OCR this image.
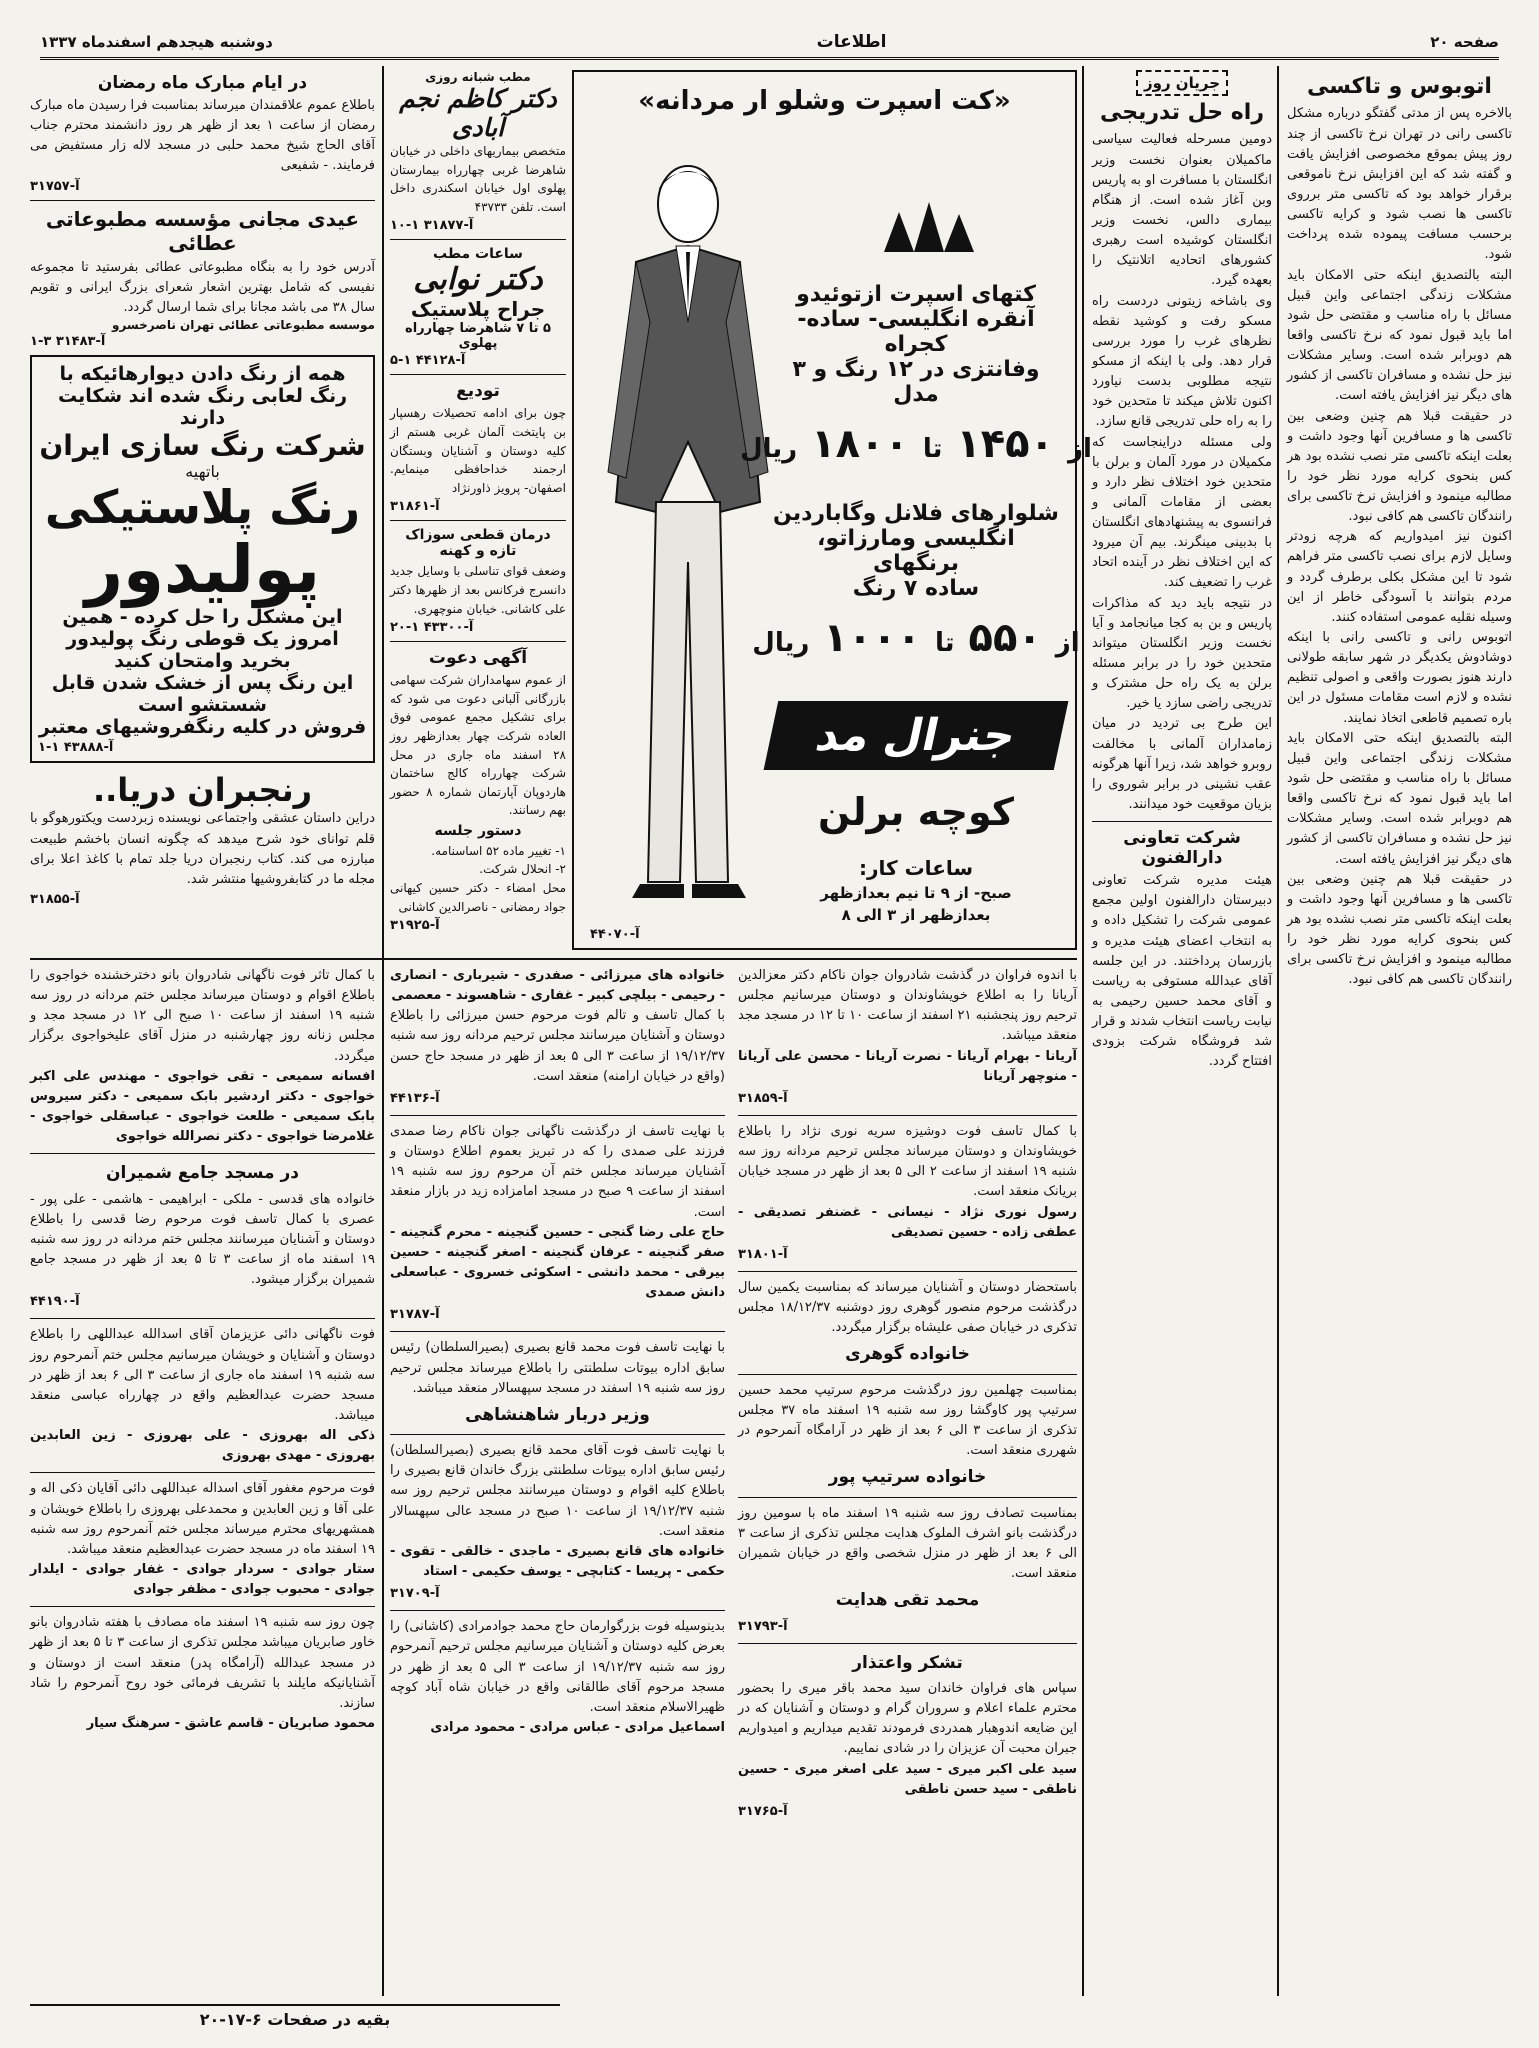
صفحه ۲۰
اطلاعات
دوشنبه هیجدهم اسفندماه ۱۳۳۷
اتوبوس و تاکسی

بالاخره پس از مدتی گفتگو درباره مشکل تاکسی رانی در تهران نرخ تاکسی از چند روز پیش بموقع مخصوصی افزایش یافت و گفته شد که این افزایش نرخ ناموقعی برقرار خواهد بود که تاکسی متر برروی تاکسی ها نصب شود و کرایه تاکسی برحسب مسافت پیموده شده پرداخت شود.

البته بالتصدیق اینکه حتی الامکان باید مشکلات زندگی اجتماعی واین قبیل مسائل با راه مناسب و مقتضی حل شود اما باید قبول نمود که نرخ تاکسی واقعا هم دوبرابر شده است. وسایر مشکلات نیز حل نشده و مسافران تاکسی از کشور های دیگر نیز افزایش یافته است.

در حقیقت قبلا هم چنین وضعی بین تاکسی ها و مسافرین آنها وجود داشت و بعلت اینکه تاکسی متر نصب نشده بود هر کس بنحوی کرایه مورد نظر خود را مطالبه مینمود و افزایش نرخ تاکسی برای رانندگان تاکسی هم کافی نبود.

اکنون نیز امیدواریم که هرچه زودتر وسایل لازم برای نصب تاکسی متر فراهم شود تا این مشکل بکلی برطرف گردد و مردم بتوانند با آسودگی خاطر از این وسیله نقلیه عمومی استفاده کنند.

اتوبوس رانی و تاکسی رانی با اینکه دوشادوش یکدیگر در شهر سابقه طولانی دارند هنوز بصورت واقعی و اصولی تنظیم نشده و لازم است مقامات مسئول در این باره تصمیم قاطعی اتخاذ نمایند.

البته بالتصدیق اینکه حتی الامکان باید مشکلات زندگی اجتماعی واین قبیل مسائل با راه مناسب و مقتضی حل شود اما باید قبول نمود که نرخ تاکسی واقعا هم دوبرابر شده است. وسایر مشکلات نیز حل نشده و مسافران تاکسی از کشور های دیگر نیز افزایش یافته است.

در حقیقت قبلا هم چنین وضعی بین تاکسی ها و مسافرین آنها وجود داشت و بعلت اینکه تاکسی متر نصب نشده بود هر کس بنحوی کرایه مورد نظر خود را مطالبه مینمود و افزایش نرخ تاکسی برای رانندگان تاکسی هم کافی نبود.

جریان روز
راه حل تدریجی

دومین مسرحله فعالیت سیاسی ماکمیلان بعنوان نخست وزیر انگلستان با مسافرت او به پاریس وبن آغاز شده است. از هنگام بیماری دالس، نخست وزیر انگلستان کوشیده است رهبری کشورهای اتحادیه اتلانتیک را بعهده گیرد.

وی باشاخه زیتونی دردست راه مسکو رفت و کوشید نقطه نظرهای غرب را مورد بررسی قرار دهد. ولی با اینکه از مسکو نتیجه مطلوبی بدست نیاورد اکنون تلاش میکند تا متحدین خود را به راه حلی تدریجی قانع سازد.

ولی مسئله دراینجاست که مکمیلان در مورد آلمان و برلن با متحدین خود اختلاف نظر دارد و بعضی از مقامات آلمانی و فرانسوی به پیشنهادهای انگلستان با بدبینی مینگرند. بیم آن میرود که این اختلاف نظر در آینده اتحاد غرب را تضعیف کند.

در نتیجه باید دید که مذاکرات پاریس و بن به کجا میانجامد و آیا نخست وزیر انگلستان میتواند متحدین خود را در برابر مسئله برلن به یک راه حل مشترک و تدریجی راضی سازد یا خیر.

این طرح بی تردید در میان زمامداران آلمانی با مخالفت روبرو خواهد شد، زیرا آنها هرگونه عقب نشینی در برابر شوروی را بزیان موقعیت خود میدانند.

شرکت تعاونی دارالفنون

هیئت مدیره شرکت تعاونی دبیرستان دارالفنون اولین مجمع عمومی شرکت را تشکیل داده و به انتخاب اعضای هیئت مدیره و بازرسان پرداختند. در این جلسه آقای عبدالله مستوفی به ریاست و آقای محمد حسین رحیمی به نیابت ریاست انتخاب شدند و قرار شد فروشگاه شرکت بزودی افتتاح گردد.

«کت اسپرت وشلو ار مردانه»
کتهای اسپرت ازتوئیدو
آنقره انگلیسی- ساده- کجراه
وفانتزی در ۱۲ رنگ و ۳ مدل
از
۱۴۵۰
تا
۱۸۰۰
ریال
شلوارهای فلانل وگاباردین
انگلیسی ومارزاتو، برنگهای
ساده ۷ رنگ
از
۵۵۰
تا
۱۰۰۰
ریال
جنرال مد
کوچه برلن
ساعات کار:
صبح- از ۹ تا نیم بعدازظهر
بعدازظهر از ۳ الی ۸
آ-۴۴۰۷۰
مطب شبانه روزی
دکتر کاظم نجم آبادی

متخصص بیماریهای داخلی در خیابان شاهرضا غربی چهارراه بیمارستان پهلوی اول خیابان اسکندری داخل است. تلفن ۴۳۷۳۳

آ-۳۱۸۷۷ ۱-۱۰
ساعات مطب
دکتر نوابی
جراح پلاستیک
۵ تا ۷ شاهرضا چهارراه پهلوی
آ-۴۴۱۲۸ ۱-۵
تودیع

چون برای ادامه تحصیلات رهسپار بن پایتخت آلمان غربی هستم از کلیه دوستان و آشنایان وبستگان ارجمند خداحافظی مینمایم. اصفهان- پرویز ذاورنژاد

آ-۳۱۸۶۱
درمان قطعی سوزاک تازه و کهنه

وضعف قوای تناسلی با وسایل جدید دانسرج فرکانس بعد از ظهرها دکتر علی کاشانی. خیابان منوچهری.

آ-۴۳۳۰۰ ۱-۲۰
آگهی دعوت

از عموم سهامداران شرکت سهامی بازرگانی آلبانی دعوت می شود که برای تشکیل مجمع عمومی فوق العاده شرکت چهار بعدازظهر روز ۲۸ اسفند ماه جاری در محل شرکت چهارراه کالج ساختمان هاردوپان آپارتمان شماره ۸ حضور بهم رسانند.

دستور جلسه
۱- تغییر ماده ۵۲ اساسنامه.
۲- انحلال شرکت.

محل امضاء - دکتر حسین کیهانی جواد رمضانی - ناصرالدین کاشانی

آ-۳۱۹۲۵
در ایام مبارک ماه رمضان

باطلاع عموم علاقمندان میرساند بمناسبت فرا رسیدن ماه مبارک رمضان از ساعت ۱ بعد از ظهر هر روز دانشمند محترم جناب آقای الحاج شیخ محمد حلبی در مسجد لاله زار مستفیض می فرمایند. - شفیعی

آ-۳۱۷۵۷
عیدی مجانی مؤسسه مطبوعاتی عطائی

آدرس خود را به بنگاه مطبوعاتی عطائی بفرستید تا مجموعه نفیسی که شامل بهترین اشعار شعرای بزرگ ایرانی و تقویم سال ۳۸ می باشد مجانا برای شما ارسال گردد.

موسسه مطبوعاتی عطائی تهران ناصرخسرو
آ-۳۱۴۸۳ ۳-۱
همه از رنگ دادن دیوارهائیکه با
رنگ لعابی رنگ شده اند شکایت
دارند
شرکت رنگ سازی ایران
باتهیه
رنگ پلاستیکی
پولیدور
این مشکل را حل کرده - همین
امروز یک قوطی رنگ پولیدور
بخرید وامتحان کنید
این رنگ پس از خشک شدن قابل
شستشو است
فروش در کلیه رنگفروشیهای معتبر
آ-۴۳۸۸۸ ۱-۱
رنجبران دریا..

دراین داستان عشقی واجتماعی نویسنده زبردست ویکتورهوگو با قلم توانای خود شرح میدهد که چگونه انسان باخشم طبیعت مبارزه می کند. کتاب رنجبران دریا جلد تمام با کاغذ اعلا برای مجله ما در کتابفروشیها منتشر شد.

آ-۳۱۸۵۵

با کمال تاثر فوت ناگهانی شادروان بانو دخترخشنده خواجوی را باطلاع اقوام و دوستان میرساند مجلس ختم مردانه در روز سه شنبه ۱۹ اسفند از ساعت ۱۰ صبح الی ۱۲ در مسجد مجد و مجلس زنانه روز چهارشنبه در منزل آقای علیخواجوی برگزار میگردد.

افسانه سمیعی - تقی خواجوی - مهندس علی اکبر خواجوی - دکتر اردشیر بابک سمیعی - دکتر سیروس بابک سمیعی - طلعت خواجوی - عباسقلی خواجوی - غلامرضا خواجوی - دکتر نصرالله خواجوی

در مسجد جامع شمیران

خانواده های قدسی - ملکی - ابراهیمی - هاشمی - علی پور - عصری با کمال تاسف فوت مرحوم رضا قدسی را باطلاع دوستان و آشنایان میرسانند مجلس ختم مردانه در روز سه شنبه ۱۹ اسفند ماه از ساعت ۳ تا ۵ بعد از ظهر در مسجد جامع شمیران برگزار میشود.

آ-۴۴۱۹۰

فوت ناگهانی دائی عزیزمان آقای اسدالله عبداللهی را باطلاع دوستان و آشنایان و خویشان میرسانیم مجلس ختم آنمرحوم روز سه شنبه ۱۹ اسفند ماه جاری از ساعت ۳ الی ۶ بعد از ظهر در مسجد حضرت عبدالعظیم واقع در چهارراه عباسی منعقد میباشد.

ذکی اله بهروزی - علی بهروزی - زین العابدین بهروزی - مهدی بهروزی

فوت مرحوم مغفور آقای اسداله عبداللهی دائی آقایان ذکی اله و علی آقا و زین العابدین و محمدعلی بهروزی را باطلاع خویشان و همشهریهای محترم میرساند مجلس ختم آنمرحوم روز سه شنبه ۱۹ اسفند ماه در مسجد حضرت عبدالعظیم منعقد میباشد.

ستار جوادی - سردار جوادی - غفار جوادی - ایلدار جوادی - محبوب جوادی - مظفر جوادی

چون روز سه شنبه ۱۹ اسفند ماه مصادف با هفته شادروان بانو خاور صابریان میباشد مجلس تذکری از ساعت ۳ تا ۵ بعد از ظهر در مسجد عبدالله (آرامگاه پدر) منعقد است از دوستان و آشنایانیکه مایلند با تشریف فرمائی خود روح آنمرحوم را شاد سازند.

محمود صابریان - قاسم عاشق - سرهنگ سیار

خانواده های میرزائی - صفدری - شیرباری - انصاری - رحیمی - بیلچی کبیر - غفاری - شاهسوند - معصمی

با کمال تاسف و تالم فوت مرحوم حسن میرزائی را باطلاع دوستان و آشنایان میرسانند مجلس ترحیم مردانه روز سه شنبه ۱۹/۱۲/۳۷ از ساعت ۳ الی ۵ بعد از ظهر در مسجد حاج حسن (واقع در خیابان ارامنه) منعقد است.

آ-۴۴۱۳۶

با نهایت تاسف از درگذشت ناگهانی جوان ناکام رضا صمدی فرزند علی صمدی را که در تبریز بعموم اطلاع دوستان و آشنایان میرساند مجلس ختم آن مرحوم روز سه شنبه ۱۹ اسفند از ساعت ۹ صبح در مسجد امامزاده زید در بازار منعقد است.

حاج علی رضا گنجی - حسین گنجینه - محرم گنجینه - صفر گنجینه - عرفان گنجینه - اصغر گنجینه - حسین بیرقی - محمد دانشی - اسکوئی خسروی - عباسعلی دانش صمدی

آ-۳۱۷۸۷

با نهایت تاسف فوت محمد قانع بصیری (بصیرالسلطان) رئیس سابق اداره بیوتات سلطنتی را باطلاع میرساند مجلس ترحیم روز سه شنبه ۱۹ اسفند در مسجد سپهسالار منعقد میباشد.

وزیر دربار شاهنشاهی

با نهایت تاسف فوت آقای محمد قانع بصیری (بصیرالسلطان) رئیس سابق اداره بیوتات سلطنتی بزرگ خاندان قانع بصیری را باطلاع کلیه اقوام و دوستان میرسانند مجلس ترحیم روز سه شنبه ۱۹/۱۲/۳۷ از ساعت ۱۰ صبح در مسجد عالی سپهسالار منعقد است.

خانواده های قانع بصیری - ماجدی - خالقی - تقوی - حکمی - پریسا - کتابچی - یوسف حکیمی - استاد

آ-۳۱۷۰۹

بدینوسیله فوت بزرگوارمان حاج محمد جوادمرادی (کاشانی) را بعرض کلیه دوستان و آشنایان میرسانیم مجلس ترحیم آنمرحوم روز سه شنبه ۱۹/۱۲/۳۷ از ساعت ۳ الی ۵ بعد از ظهر در مسجد مرحوم آقای طالقانی واقع در خیابان شاه آباد کوچه ظهیرالاسلام منعقد است.

اسماعیل مرادی - عباس مرادی - محمود مرادی

با اندوه فراوان در گذشت شادروان جوان ناکام دکتر معزالدین آریانا را به اطلاع خویشاوندان و دوستان میرسانیم مجلس ترحیم روز پنجشنبه ۲۱ اسفند از ساعت ۱۰ تا ۱۲ در مسجد مجد منعقد میباشد.

آریانا - بهرام آریانا - نصرت آریانا - محسن علی آریانا - منوچهر آریانا

آ-۳۱۸۵۹

با کمال تاسف فوت دوشیزه سریه نوری نژاد را باطلاع خویشاوندان و دوستان میرساند مجلس ترحیم مردانه روز سه شنبه ۱۹ اسفند از ساعت ۲ الی ۵ بعد از ظهر در مسجد خیابان بریانک منعقد است.

رسول نوری نژاد - نیسانی - غضنفر تصدیقی - عطفی زاده - حسین تصدیقی

آ-۳۱۸۰۱

باستحضار دوستان و آشنایان میرساند که بمناسبت یکمین سال درگذشت مرحوم منصور گوهری روز دوشنبه ۱۸/۱۲/۳۷ مجلس تذکری در خیابان صفی علیشاه برگزار میگردد.

خانواده گوهری

بمناسبت چهلمین روز درگذشت مرحوم سرتیپ محمد حسین سرتیپ پور کاوگشا روز سه شنبه ۱۹ اسفند ماه ۳۷ مجلس تذکری از ساعت ۳ الی ۶ بعد از ظهر در آرامگاه آنمرحوم در شهرری منعقد است.

خانواده سرتیپ پور

بمناسبت تصادف روز سه شنبه ۱۹ اسفند ماه با سومین روز درگذشت بانو اشرف الملوک هدایت مجلس تذکری از ساعت ۳ الی ۶ بعد از ظهر در منزل شخصی واقع در خیابان شمیران منعقد است.

محمد تقی هدایت
آ-۳۱۷۹۳
تشکر واعتذار

سپاس های فراوان خاندان سید محمد باقر میری را بحضور محترم علماء اعلام و سروران گرام و دوستان و آشنایان که در این ضایعه اندوهبار همدردی فرمودند تقدیم میداریم و امیدواریم جبران محبت آن عزیزان را در شادی نماییم.

سید علی اکبر میری - سید علی اصغر میری - حسین ناطقی - سید حسن ناطقی

آ-۳۱۷۶۵
بقیه در صفحات ۶-۱۷-۲۰
